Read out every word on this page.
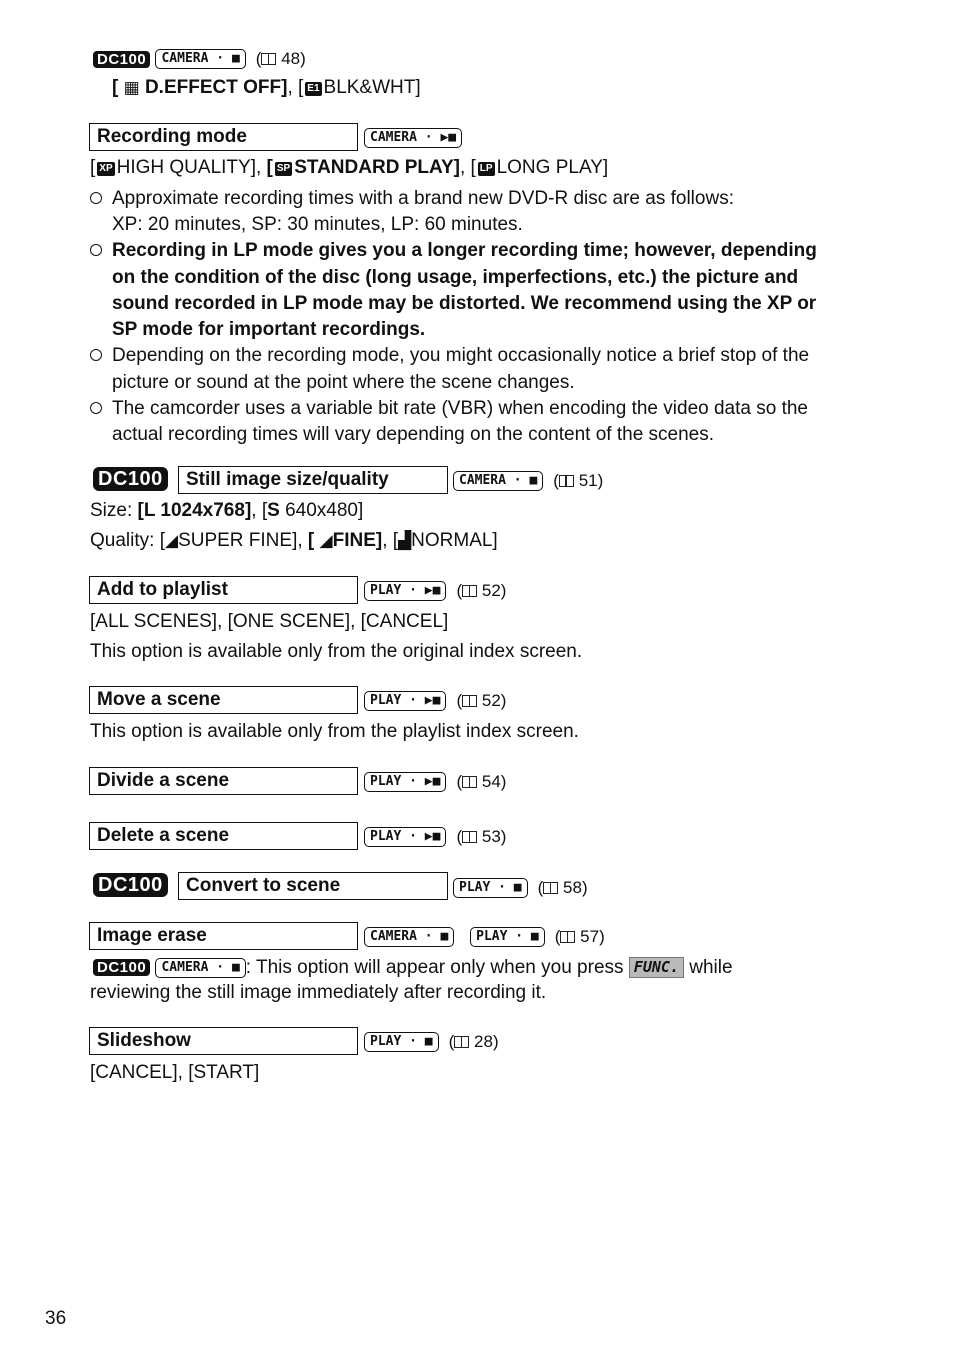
DC100 CAMERA · ■ ( 48)
[ ▦ D.EFFECT OFF], [ E1 BLK&WHT]
Recording mode	CAMERA · ▶■
[ XP HIGH QUALITY], [ SP STANDARD PLAY], [ LP LONG PLAY]
Approximate recording times with a brand new DVD-R disc are as follows:
XP: 20 minutes, SP: 30 minutes, LP: 60 minutes.
Recording in LP mode gives you a longer recording time; however, depending
on the condition of the disc (long usage, imperfections, etc.) the picture and
sound recorded in LP mode may be distorted. We recommend using the XP or
SP mode for important recordings.
Depending on the recording mode, you might occasionally notice a brief stop of the
picture or sound at the point where the scene changes.
The camcorder uses a variable bit rate (VBR) when encoding the video data so the
actual recording times will vary depending on the content of the scenes.
DC100	Still image size/quality	CAMERA · ■ ( 51)
Size: [L 1024x768], [S 640x480]
Quality: [◢SUPER FINE], [ ◢FINE], [▟NORMAL]
Add to playlist	PLAY · ▶■ ( 52)
[ALL SCENES], [ONE SCENE], [CANCEL]
This option is available only from the original index screen.
Move a scene	PLAY · ▶■ ( 52)
This option is available only from the playlist index screen.
Divide a scene	PLAY · ▶■ ( 54)
Delete a scene	PLAY · ▶■ ( 53)
DC100	Convert to scene	PLAY · ■ ( 58)
Image erase	CAMERA · ■ PLAY · ■ ( 57)
DC100 CAMERA · ■ : This option will appear only when you press FUNC. while
reviewing the still image immediately after recording it.
Slideshow	PLAY · ■ ( 28)
[CANCEL], [START]
36
